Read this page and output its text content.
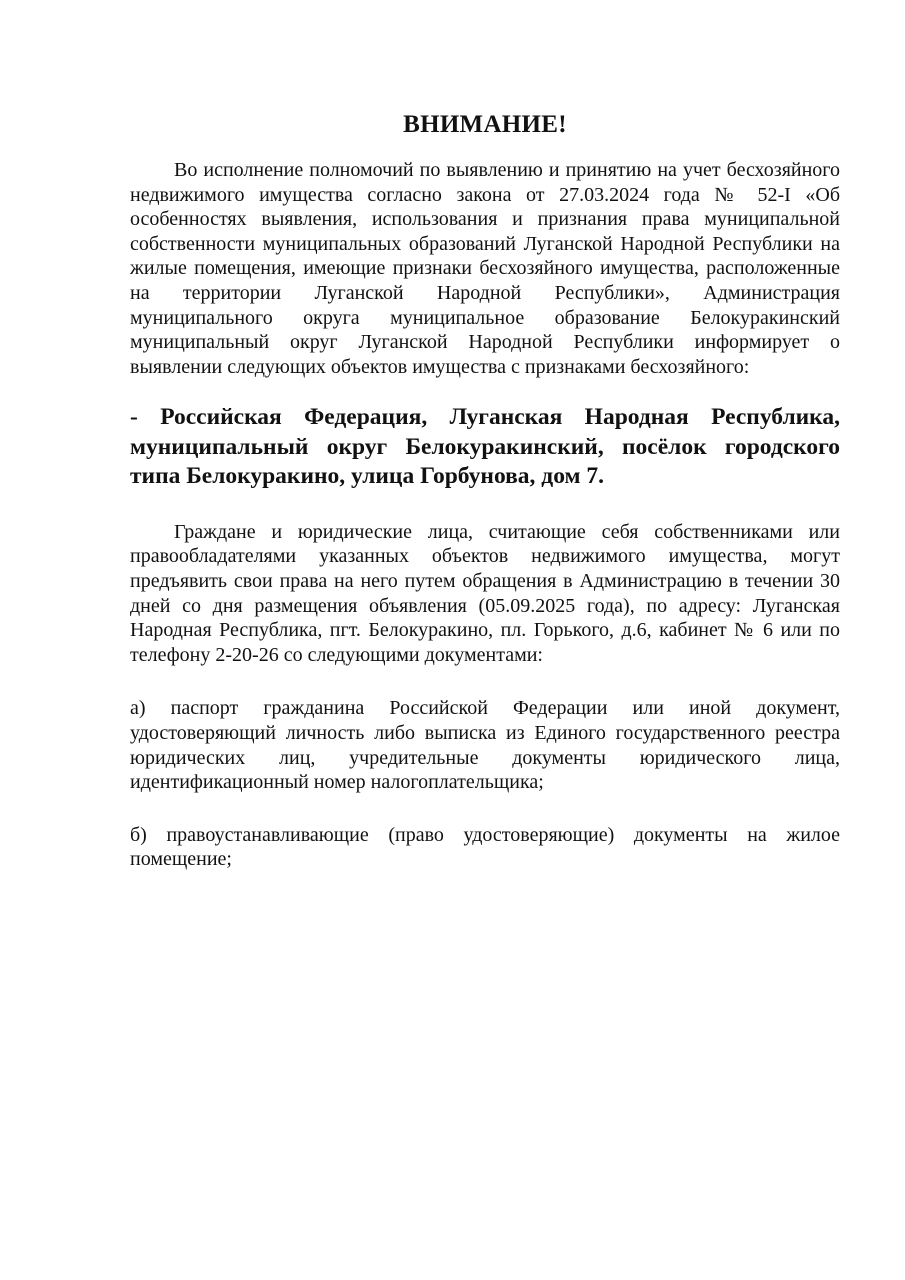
ВНИМАНИЕ!

Во исполнение полномочий по выявлению и принятию на учет бесхозяйного недвижимого имущества согласно закона от 27.03.2024 года № 52-I «Об особенностях выявления, использования и признания права муниципальной собственности муниципальных образований Луганской Народной Республики на жилые помещения, имеющие признаки бесхозяйного имущества, расположенные на территории Луганской Народной Республики», Администрация муниципального округа муниципальное образование Белокуракинский муниципальный округ Луганской Народной Республики информирует о выявлении следующих объектов имущества с признаками бесхозяйного:

- Российская Федерация, Луганская Народная Республика, муниципальный округ Белокуракинский, посёлок городского типа Белокуракино, улица Горбунова, дом 7.

Граждане и юридические лица, считающие себя собственниками или правообладателями указанных объектов недвижимого имущества, могут предъявить свои права на него путем обращения в Администрацию в течении 30 дней со дня размещения объявления (05.09.2025 года), по адресу: Луганская Народная Республика, пгт. Белокуракино, пл. Горького, д.6, кабинет № 6 или по телефону 2-20-26 со следующими документами:

а) паспорт гражданина Российской Федерации или иной документ, удостоверяющий личность либо выписка из Единого государственного реестра юридических лиц, учредительные документы юридического лица, идентификационный номер налогоплательщика;

б) правоустанавливающие (право удостоверяющие) документы на жилое помещение;
